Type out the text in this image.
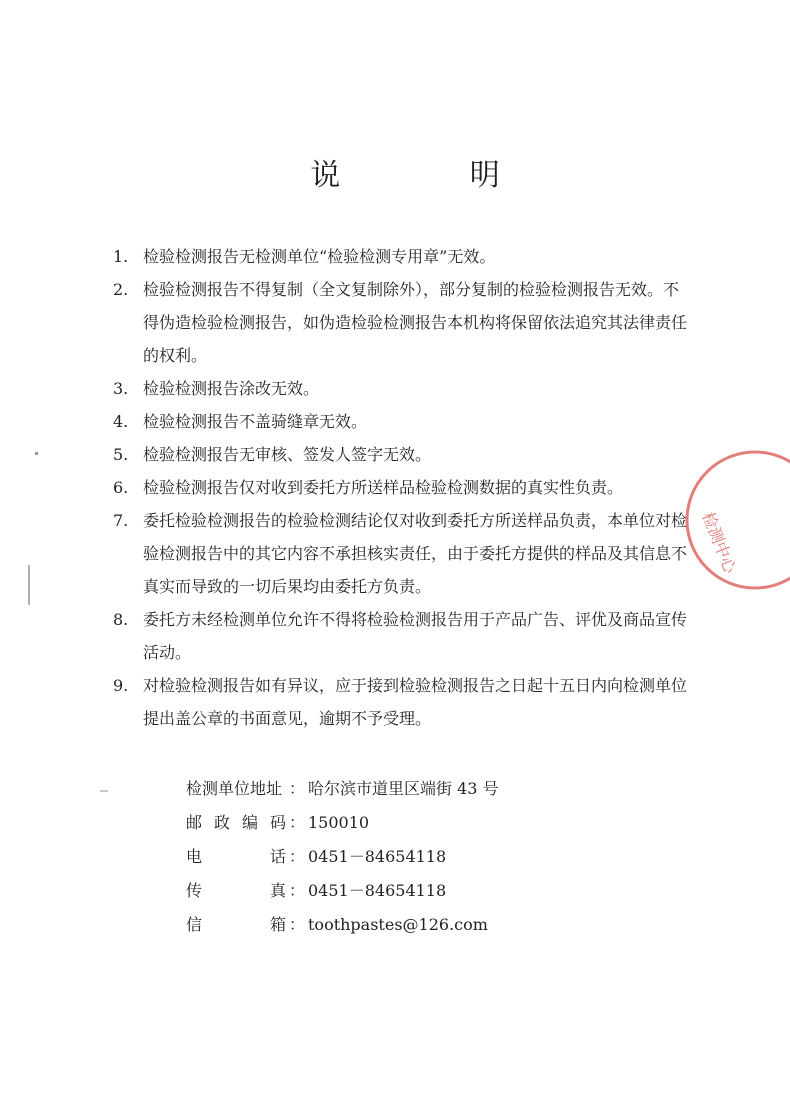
说 明
1. 检验检测报告无检测单位“检验检测专用章”无效。
2. 检验检测报告不得复制（全文复制除外），部分复制的检验检测报告无效。不得伪造检验检测报告，如伪造检验检测报告本机构将保留依法追究其法律责任的权利。
3. 检验检测报告涂改无效。
4. 检验检测报告不盖骑缝章无效。
5. 检验检测报告无审核、签发人签字无效。
6. 检验检测报告仅对收到委托方所送样品检验检测数据的真实性负责。
7. 委托检验检测报告的检验检测结论仅对收到委托方所送样品负责，本单位对检验检测报告中的其它内容不承担核实责任，由于委托方提供的样品及其信息不真实而导致的一切后果均由委托方负责。
8. 委托方未经检测单位允许不得将检验检测报告用于产品广告、评优及商品宣传活动。
9. 对检验检测报告如有异议，应于接到检验检测报告之日起十五日内向检测单位提出盖公章的书面意见，逾期不予受理。
检测单位地址 ： 哈尔滨市道里区端街 43 号
邮 政 编 码 ： 150010
电	话 ： 0451－84654118
传	真 ： 0451－84654118
信	箱 ： toothpastes@126.com
检测中心
